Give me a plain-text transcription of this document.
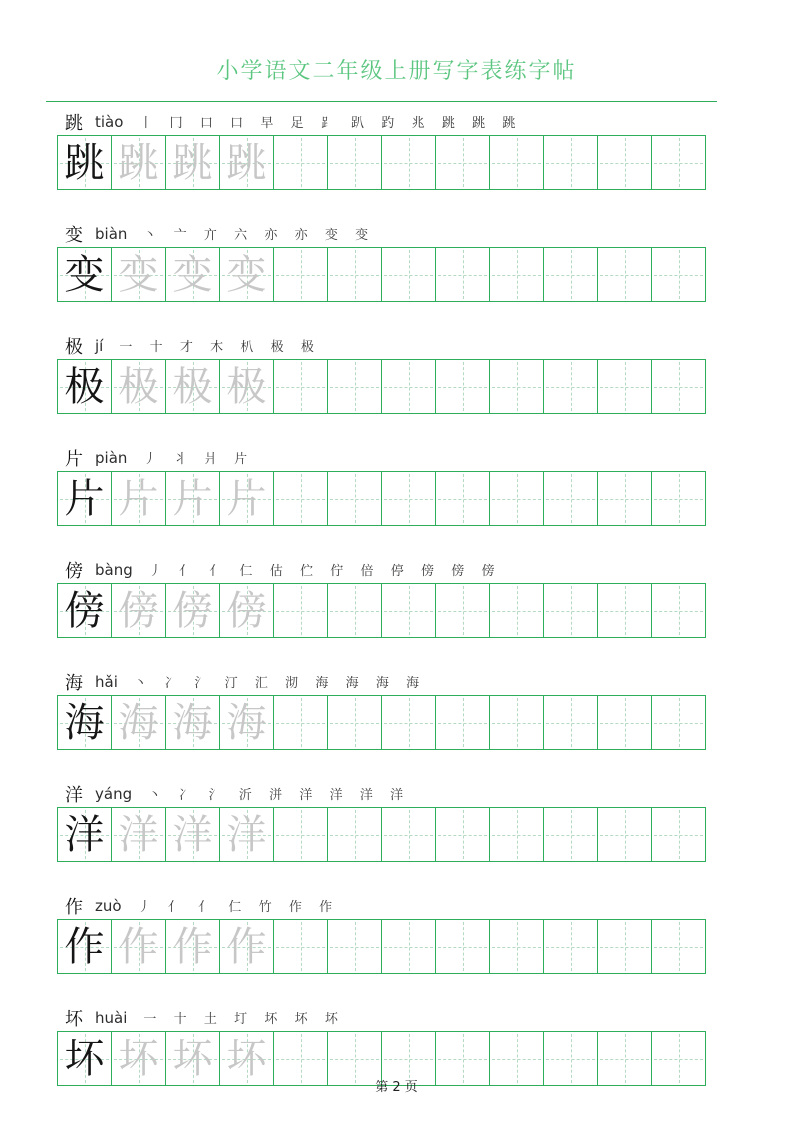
小学语文二年级上册写字表练字帖
跳 tiào 丨 冂 口 口 早 足 ⻊ 趴 趵 兆 跳 跳 跳
跳 跳 跳 跳
变 biàn 丶 亠 亣 六 亦 亦 变 变
变 变 变 变
极 jí 一 十 才 木 朳 极 极
极 极 极 极
片 piàn 丿 丬 爿 片
片 片 片 片
傍 bàng 丿 亻 亻 仁 估 伫 佇 倍 停 傍 傍 傍
傍 傍 傍 傍
海 hǎi 丶 冫 氵 汀 汇 沏 海 海 海 海
海 海 海 海
洋 yáng 丶 冫 氵 沂 洴 洋 洋 洋 洋
洋 洋 洋 洋
作 zuò 丿 亻 亻 仁 竹 作 作
作 作 作 作
坏 huài 一 十 土 圢 坏 坏 坏
坏 坏 坏 坏
第 2 页
